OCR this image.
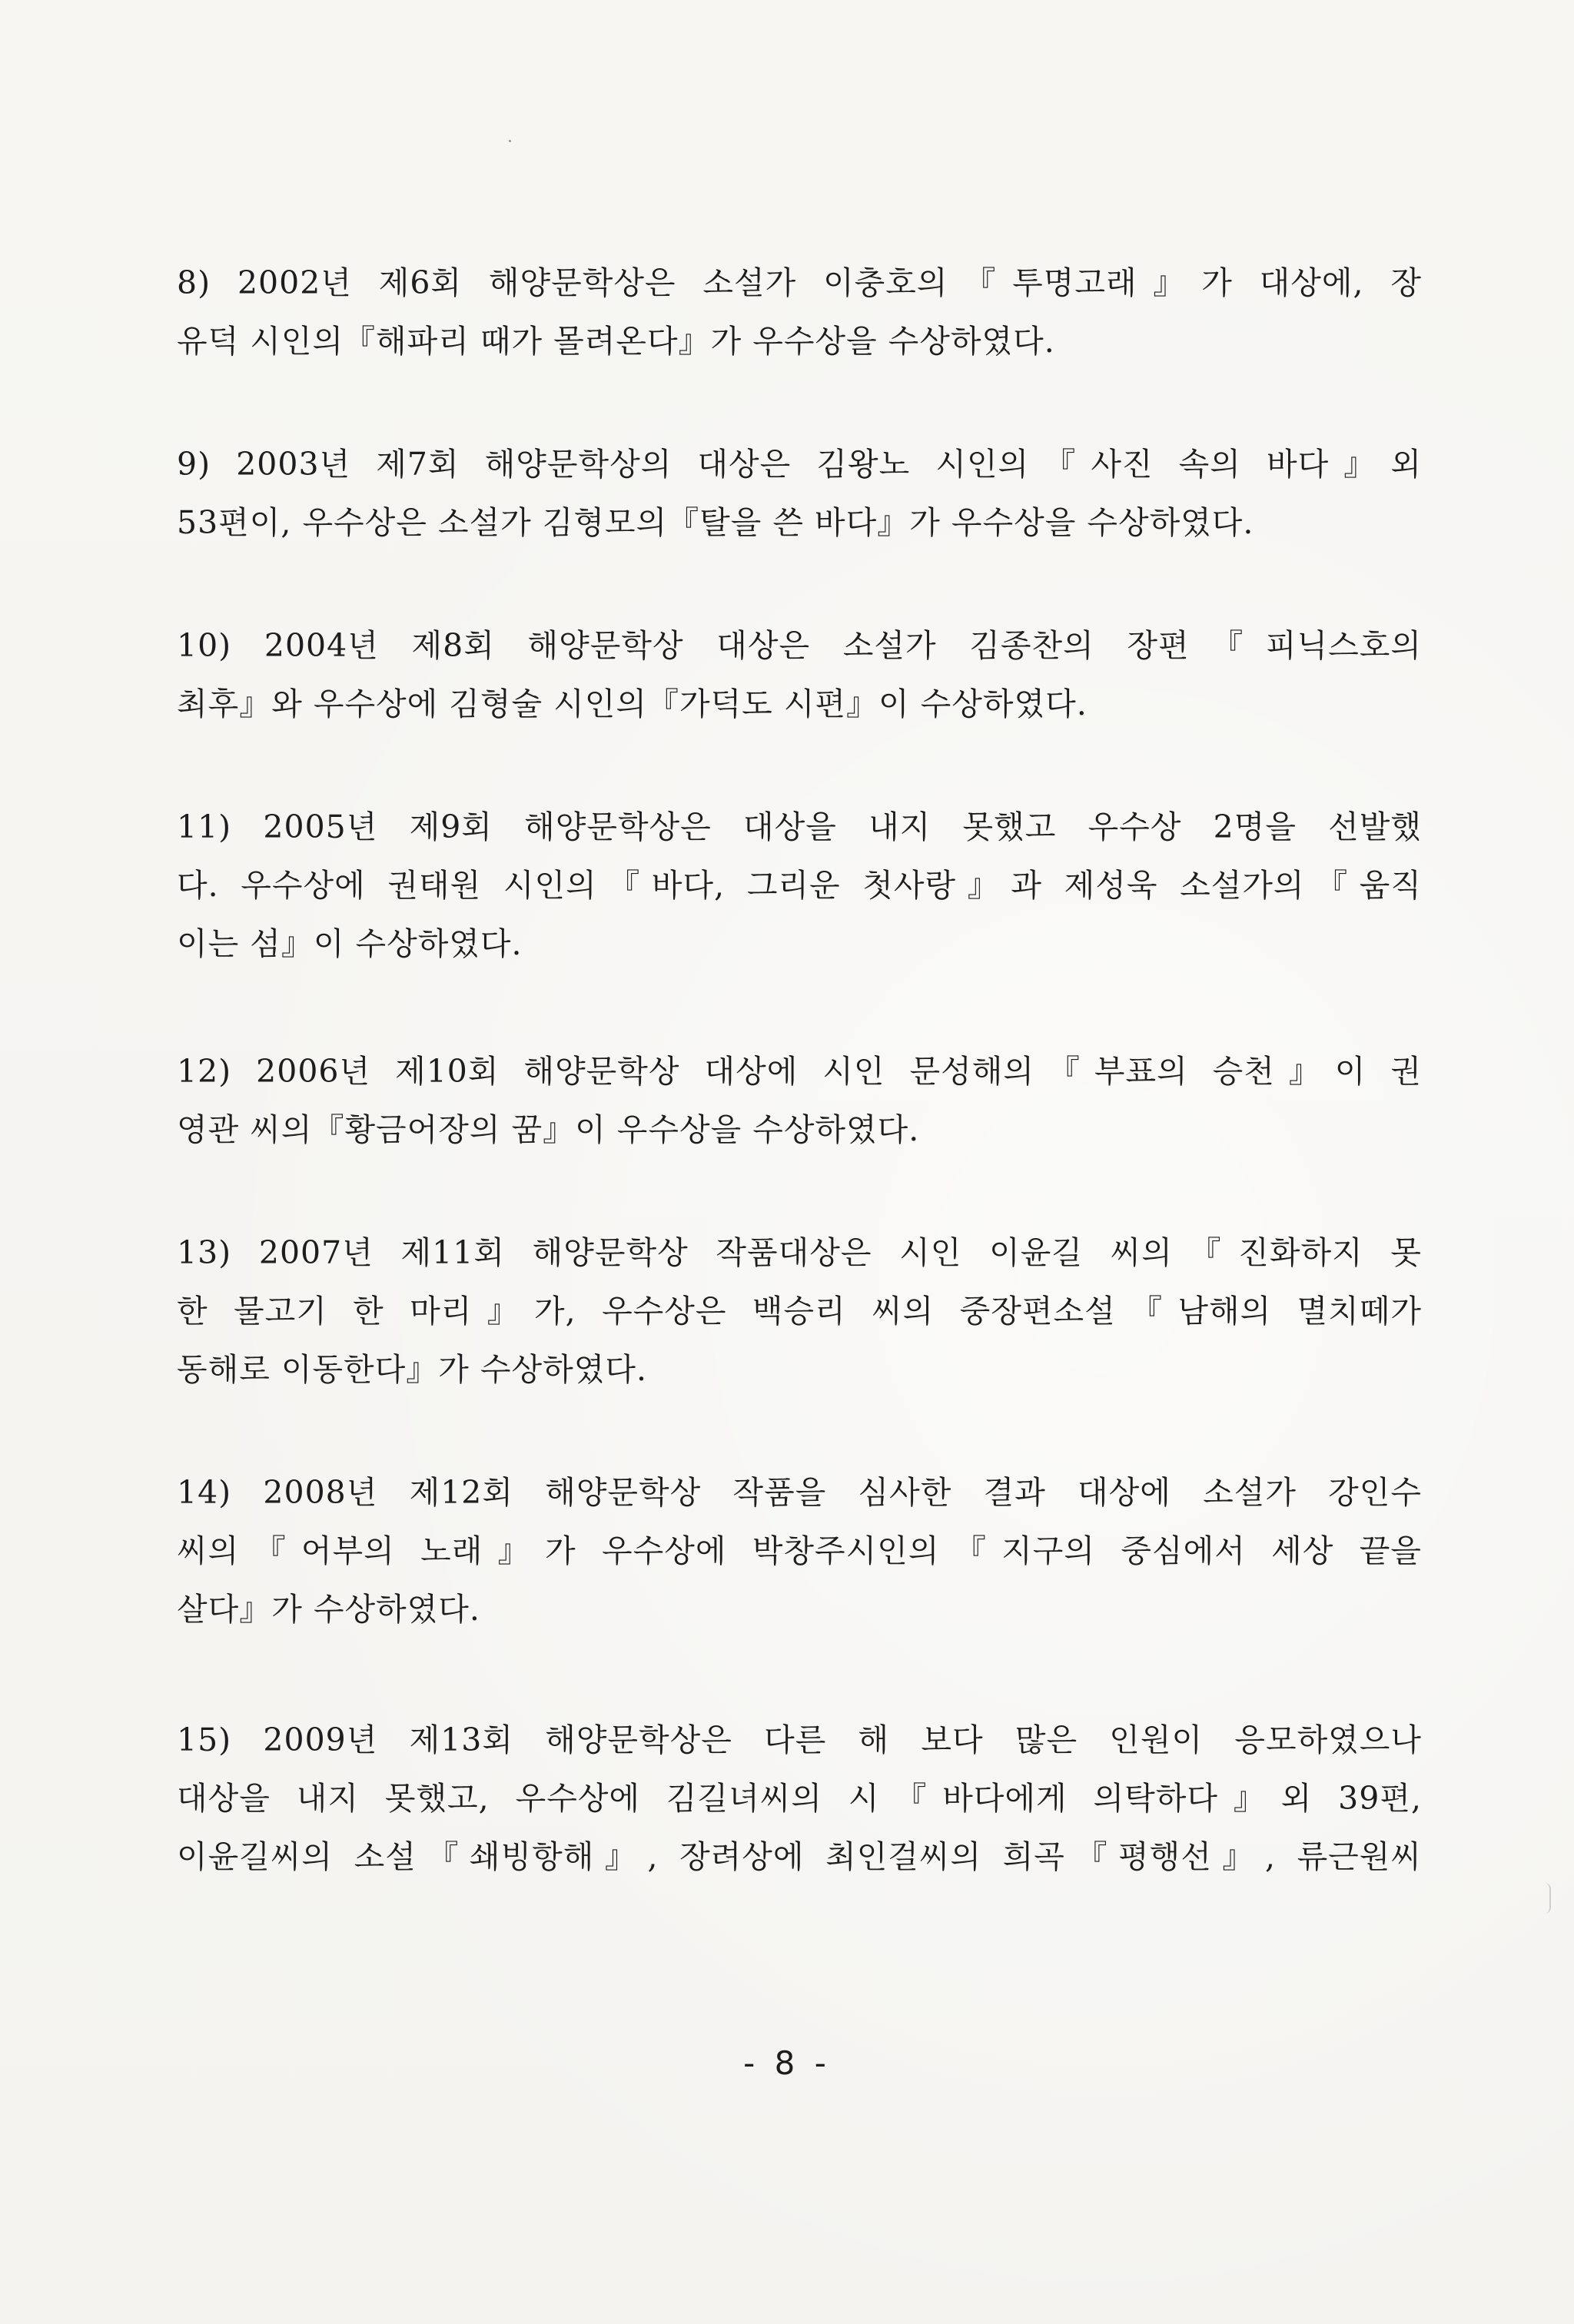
8) 2002년 제6회 해양문학상은 소설가 이충호의『투명고래』가 대상에, 장
유덕 시인의『해파리 때가 몰려온다』가 우수상을 수상하였다.

9) 2003년 제7회 해양문학상의 대상은 김왕노 시인의『사진 속의 바다』외
53편이, 우수상은 소설가 김형모의『탈을 쓴 바다』가 우수상을 수상하였다.

10) 2004년 제8회 해양문학상 대상은 소설가 김종찬의 장편『피닉스호의
최후』와 우수상에 김형술 시인의『가덕도 시편』이 수상하였다.

11) 2005년 제9회 해양문학상은 대상을 내지 못했고 우수상 2명을 선발했
다. 우수상에 권태원 시인의『바다, 그리운 첫사랑』과 제성욱 소설가의『움직
이는 섬』이 수상하였다.

12) 2006년 제10회 해양문학상 대상에 시인 문성해의『부표의 승천』이 권
영관 씨의『황금어장의 꿈』이 우수상을 수상하였다.

13) 2007년 제11회 해양문학상 작품대상은 시인 이윤길 씨의『진화하지 못
한 물고기 한 마리』가, 우수상은 백승리 씨의 중장편소설『남해의 멸치떼가
동해로 이동한다』가 수상하였다.

14) 2008년 제12회 해양문학상 작품을 심사한 결과 대상에 소설가 강인수
씨의『어부의 노래』가 우수상에 박창주시인의『지구의 중심에서 세상 끝을
살다』가 수상하였다.

15) 2009년 제13회 해양문학상은 다른 해 보다 많은 인원이 응모하였으나
대상을 내지 못했고, 우수상에 김길녀씨의 시『바다에게 의탁하다』외 39편,
이윤길씨의 소설『쇄빙항해』, 장려상에 최인걸씨의 희곡『평행선』, 류근원씨

- 8 -
